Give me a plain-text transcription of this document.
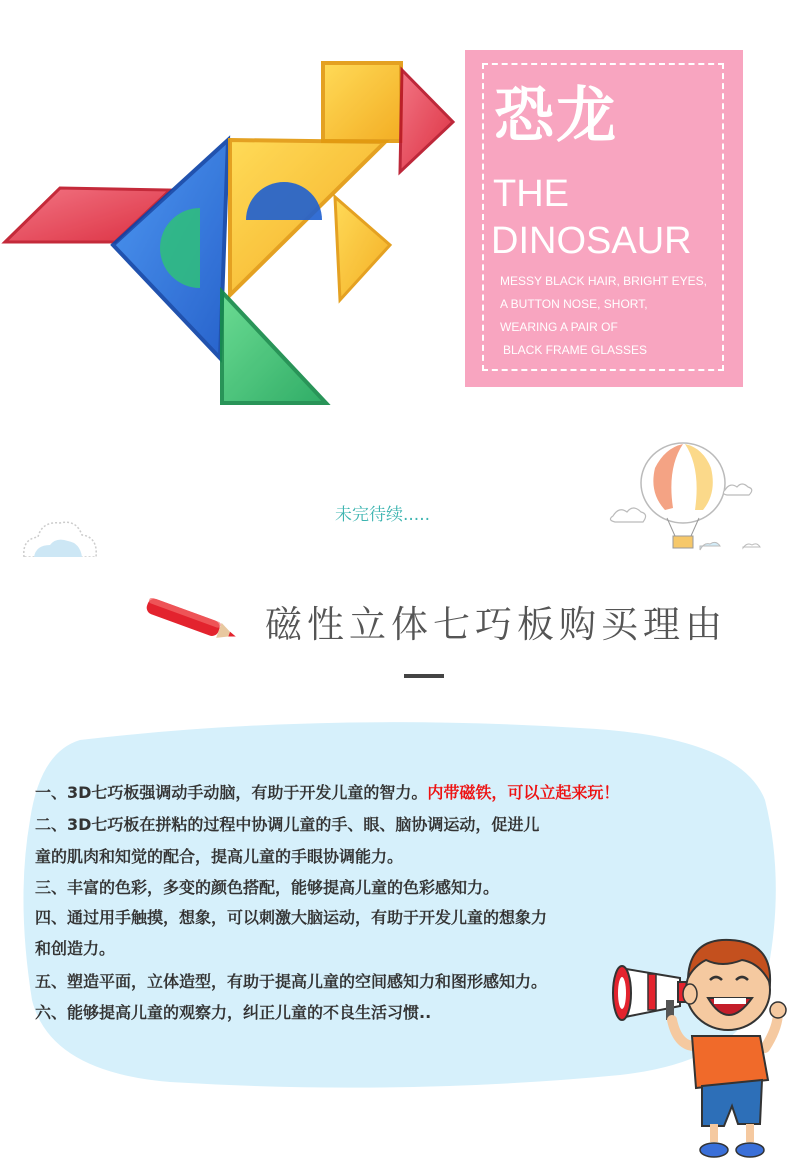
恐龙
THE
DINOSAUR
MESSY BLACK HAIR, BRIGHT EYES,
A BUTTON NOSE, SHORT,
WEARING A PAIR OF
BLACK FRAME GLASSES
未完待续.....
磁性立体七巧板购买理由
一、3D七巧板强调动手动脑，有助于开发儿童的智力。内带磁铁，可以立起来玩！
二、3D七巧板在拼粘的过程中协调儿童的手、眼、脑协调运动，促进儿
童的肌肉和知觉的配合，提高儿童的手眼协调能力。
三、丰富的色彩，多变的颜色搭配，能够提高儿童的色彩感知力。
四、通过用手触摸，想象，可以刺激大脑运动，有助于开发儿童的想象力
和创造力。
五、塑造平面，立体造型，有助于提高儿童的空间感知力和图形感知力。
六、能够提高儿童的观察力，纠正儿童的不良生活习惯..
